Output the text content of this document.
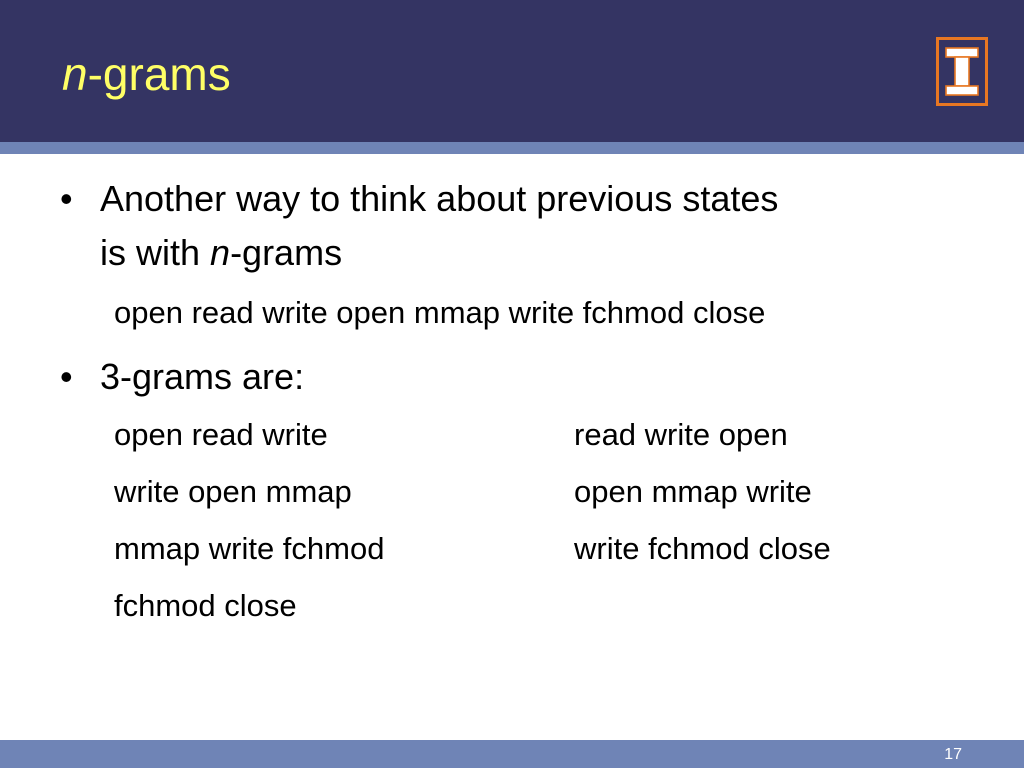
n-grams
• Another way to think about previous states
is with n-grams
open read write open mmap write fchmod close
• 3-grams are:
open read write	read write open
write open mmap	open mmap write
mmap write fchmod	write fchmod close
fchmod close
17
